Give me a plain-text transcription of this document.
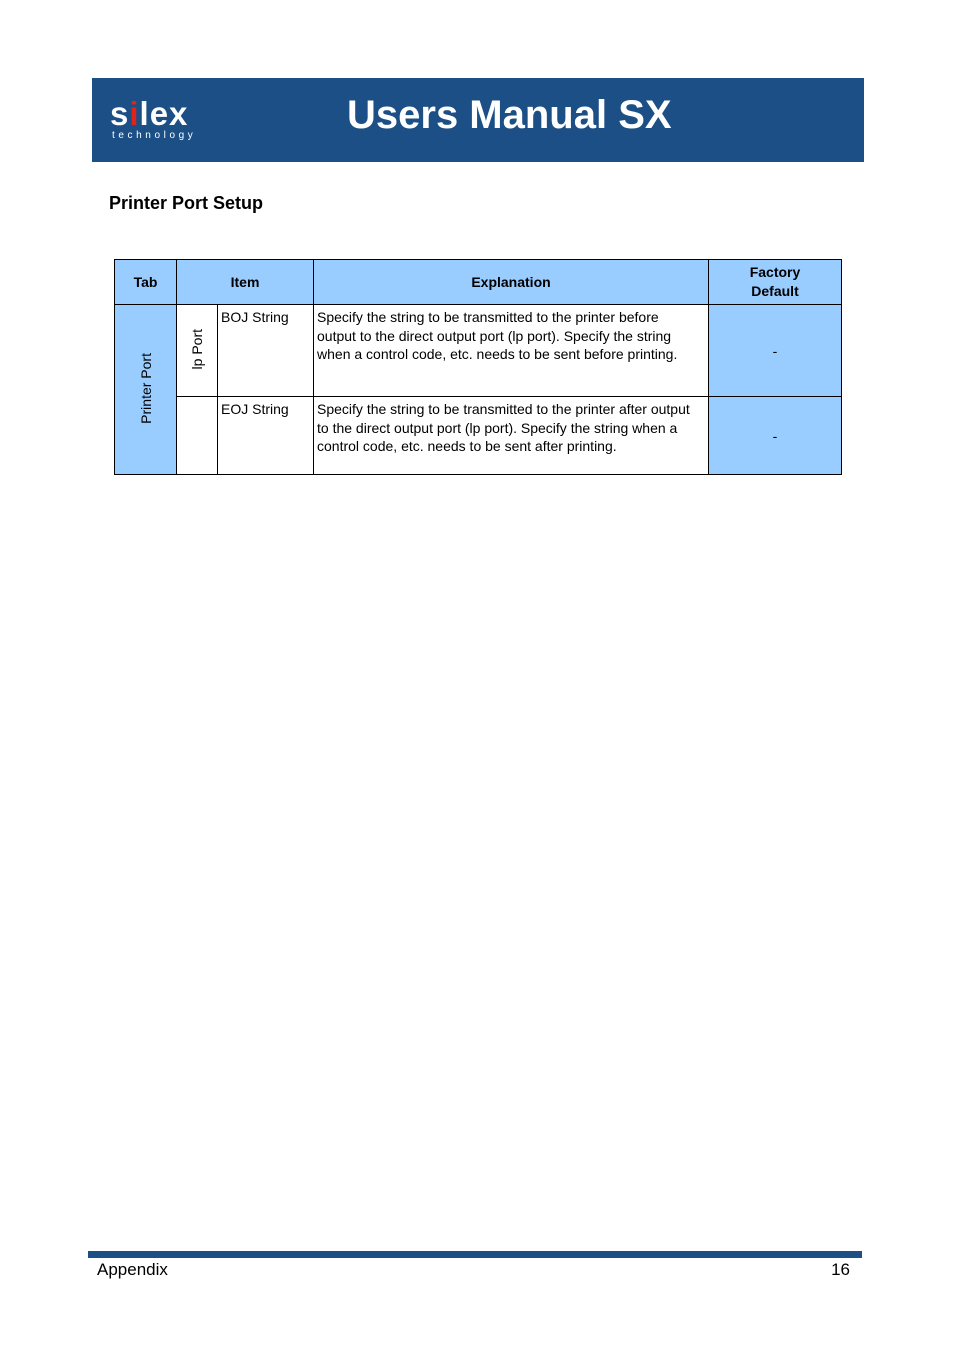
silex
technology	Users Manual SX
Printer Port Setup
Tab	Item		Explanation	Factory
Default
Printer Port	lp Port	BOJ String	Specify the string to be transmitted to the printer before
output to the direct output port (lp port). Specify the string
when a control code, etc. needs to be sent before printing.	-
		EOJ String	Specify the string to be transmitted to the printer after output
to the direct output port (lp port). Specify the string when a
control code, etc. needs to be sent after printing.	-
Appendix	16
